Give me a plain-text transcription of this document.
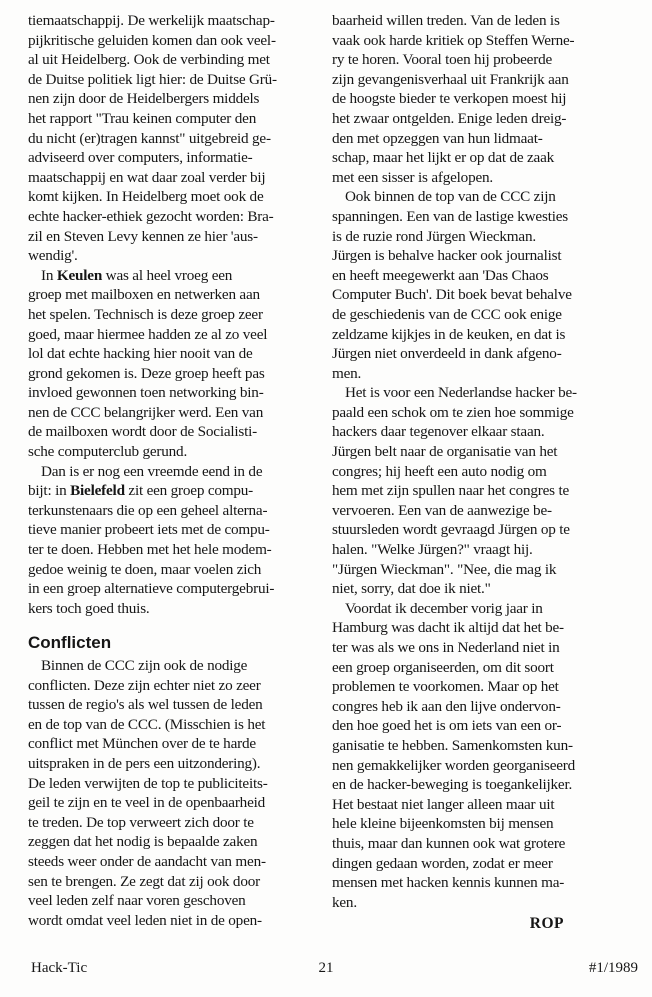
tiemaatschappij. De werkelijk maatschap-
pijkritische geluiden komen dan ook veel-
al uit Heidelberg. Ook de verbinding met
de Duitse politiek ligt hier: de Duitse Grü-
nen zijn door de Heidelbergers middels
het rapport "Trau keinen computer den
du nicht (er)tragen kannst" uitgebreid ge-
adviseerd over computers, informatie-
maatschappij en wat daar zoal verder bij
komt kijken. In Heidelberg moet ook de
echte hacker-ethiek gezocht worden: Bra-
zil en Steven Levy kennen ze hier 'aus-
wendig'.

In Keulen was al heel vroeg een
groep met mailboxen en netwerken aan
het spelen. Technisch is deze groep zeer
goed, maar hiermee hadden ze al zo veel
lol dat echte hacking hier nooit van de
grond gekomen is. Deze groep heeft pas
invloed gewonnen toen networking bin-
nen de CCC belangrijker werd. Een van
de mailboxen wordt door de Socialisti-
sche computerclub gerund.

Dan is er nog een vreemde eend in de
bijt: in Bielefeld zit een groep compu-
terkunstenaars die op een geheel alterna-
tieve manier probeert iets met de compu-
ter te doen. Hebben met het hele modem-
gedoe weinig te doen, maar voelen zich
in een groep alternatieve computergebrui-
kers toch goed thuis.

Conflicten

Binnen de CCC zijn ook de nodige
conflicten. Deze zijn echter niet zo zeer
tussen de regio's als wel tussen de leden
en de top van de CCC. (Misschien is het
conflict met München over de te harde
uitspraken in de pers een uitzondering).
De leden verwijten de top te publiciteits-
geil te zijn en te veel in de openbaarheid
te treden. De top verweert zich door te
zeggen dat het nodig is bepaalde zaken
steeds weer onder de aandacht van men-
sen te brengen. Ze zegt dat zij ook door
veel leden zelf naar voren geschoven
wordt omdat veel leden niet in de open-

baarheid willen treden. Van de leden is
vaak ook harde kritiek op Steffen Werne-
ry te horen. Vooral toen hij probeerde
zijn gevangenisverhaal uit Frankrijk aan
de hoogste bieder te verkopen moest hij
het zwaar ontgelden. Enige leden dreig-
den met opzeggen van hun lidmaat-
schap, maar het lijkt er op dat de zaak
met een sisser is afgelopen.

Ook binnen de top van de CCC zijn
spanningen. Een van de lastige kwesties
is de ruzie rond Jürgen Wieckman.
Jürgen is behalve hacker ook journalist
en heeft meegewerkt aan 'Das Chaos
Computer Buch'. Dit boek bevat behalve
de geschiedenis van de CCC ook enige
zeldzame kijkjes in de keuken, en dat is
Jürgen niet onverdeeld in dank afgeno-
men.

Het is voor een Nederlandse hacker be-
paald een schok om te zien hoe sommige
hackers daar tegenover elkaar staan.
Jürgen belt naar de organisatie van het
congres; hij heeft een auto nodig om
hem met zijn spullen naar het congres te
vervoeren. Een van de aanwezige be-
stuursleden wordt gevraagd Jürgen op te
halen. "Welke Jürgen?" vraagt hij.
"Jürgen Wieckman". "Nee, die mag ik
niet, sorry, dat doe ik niet."

Voordat ik december vorig jaar in
Hamburg was dacht ik altijd dat het be-
ter was als we ons in Nederland niet in
een groep organiseerden, om dit soort
problemen te voorkomen. Maar op het
congres heb ik aan den lijve ondervon-
den hoe goed het is om iets van een or-
ganisatie te hebben. Samenkomsten kun-
nen gemakkelijker worden georganiseerd
en de hacker-beweging is toegankelijker.
Het bestaat niet langer alleen maar uit
hele kleine bijeenkomsten bij mensen
thuis, maar dan kunnen ook wat grotere
dingen gedaan worden, zodat er meer
mensen met hacken kennis kunnen ma-
ken.

ROP

Hack-Tic	21	#1/1989
